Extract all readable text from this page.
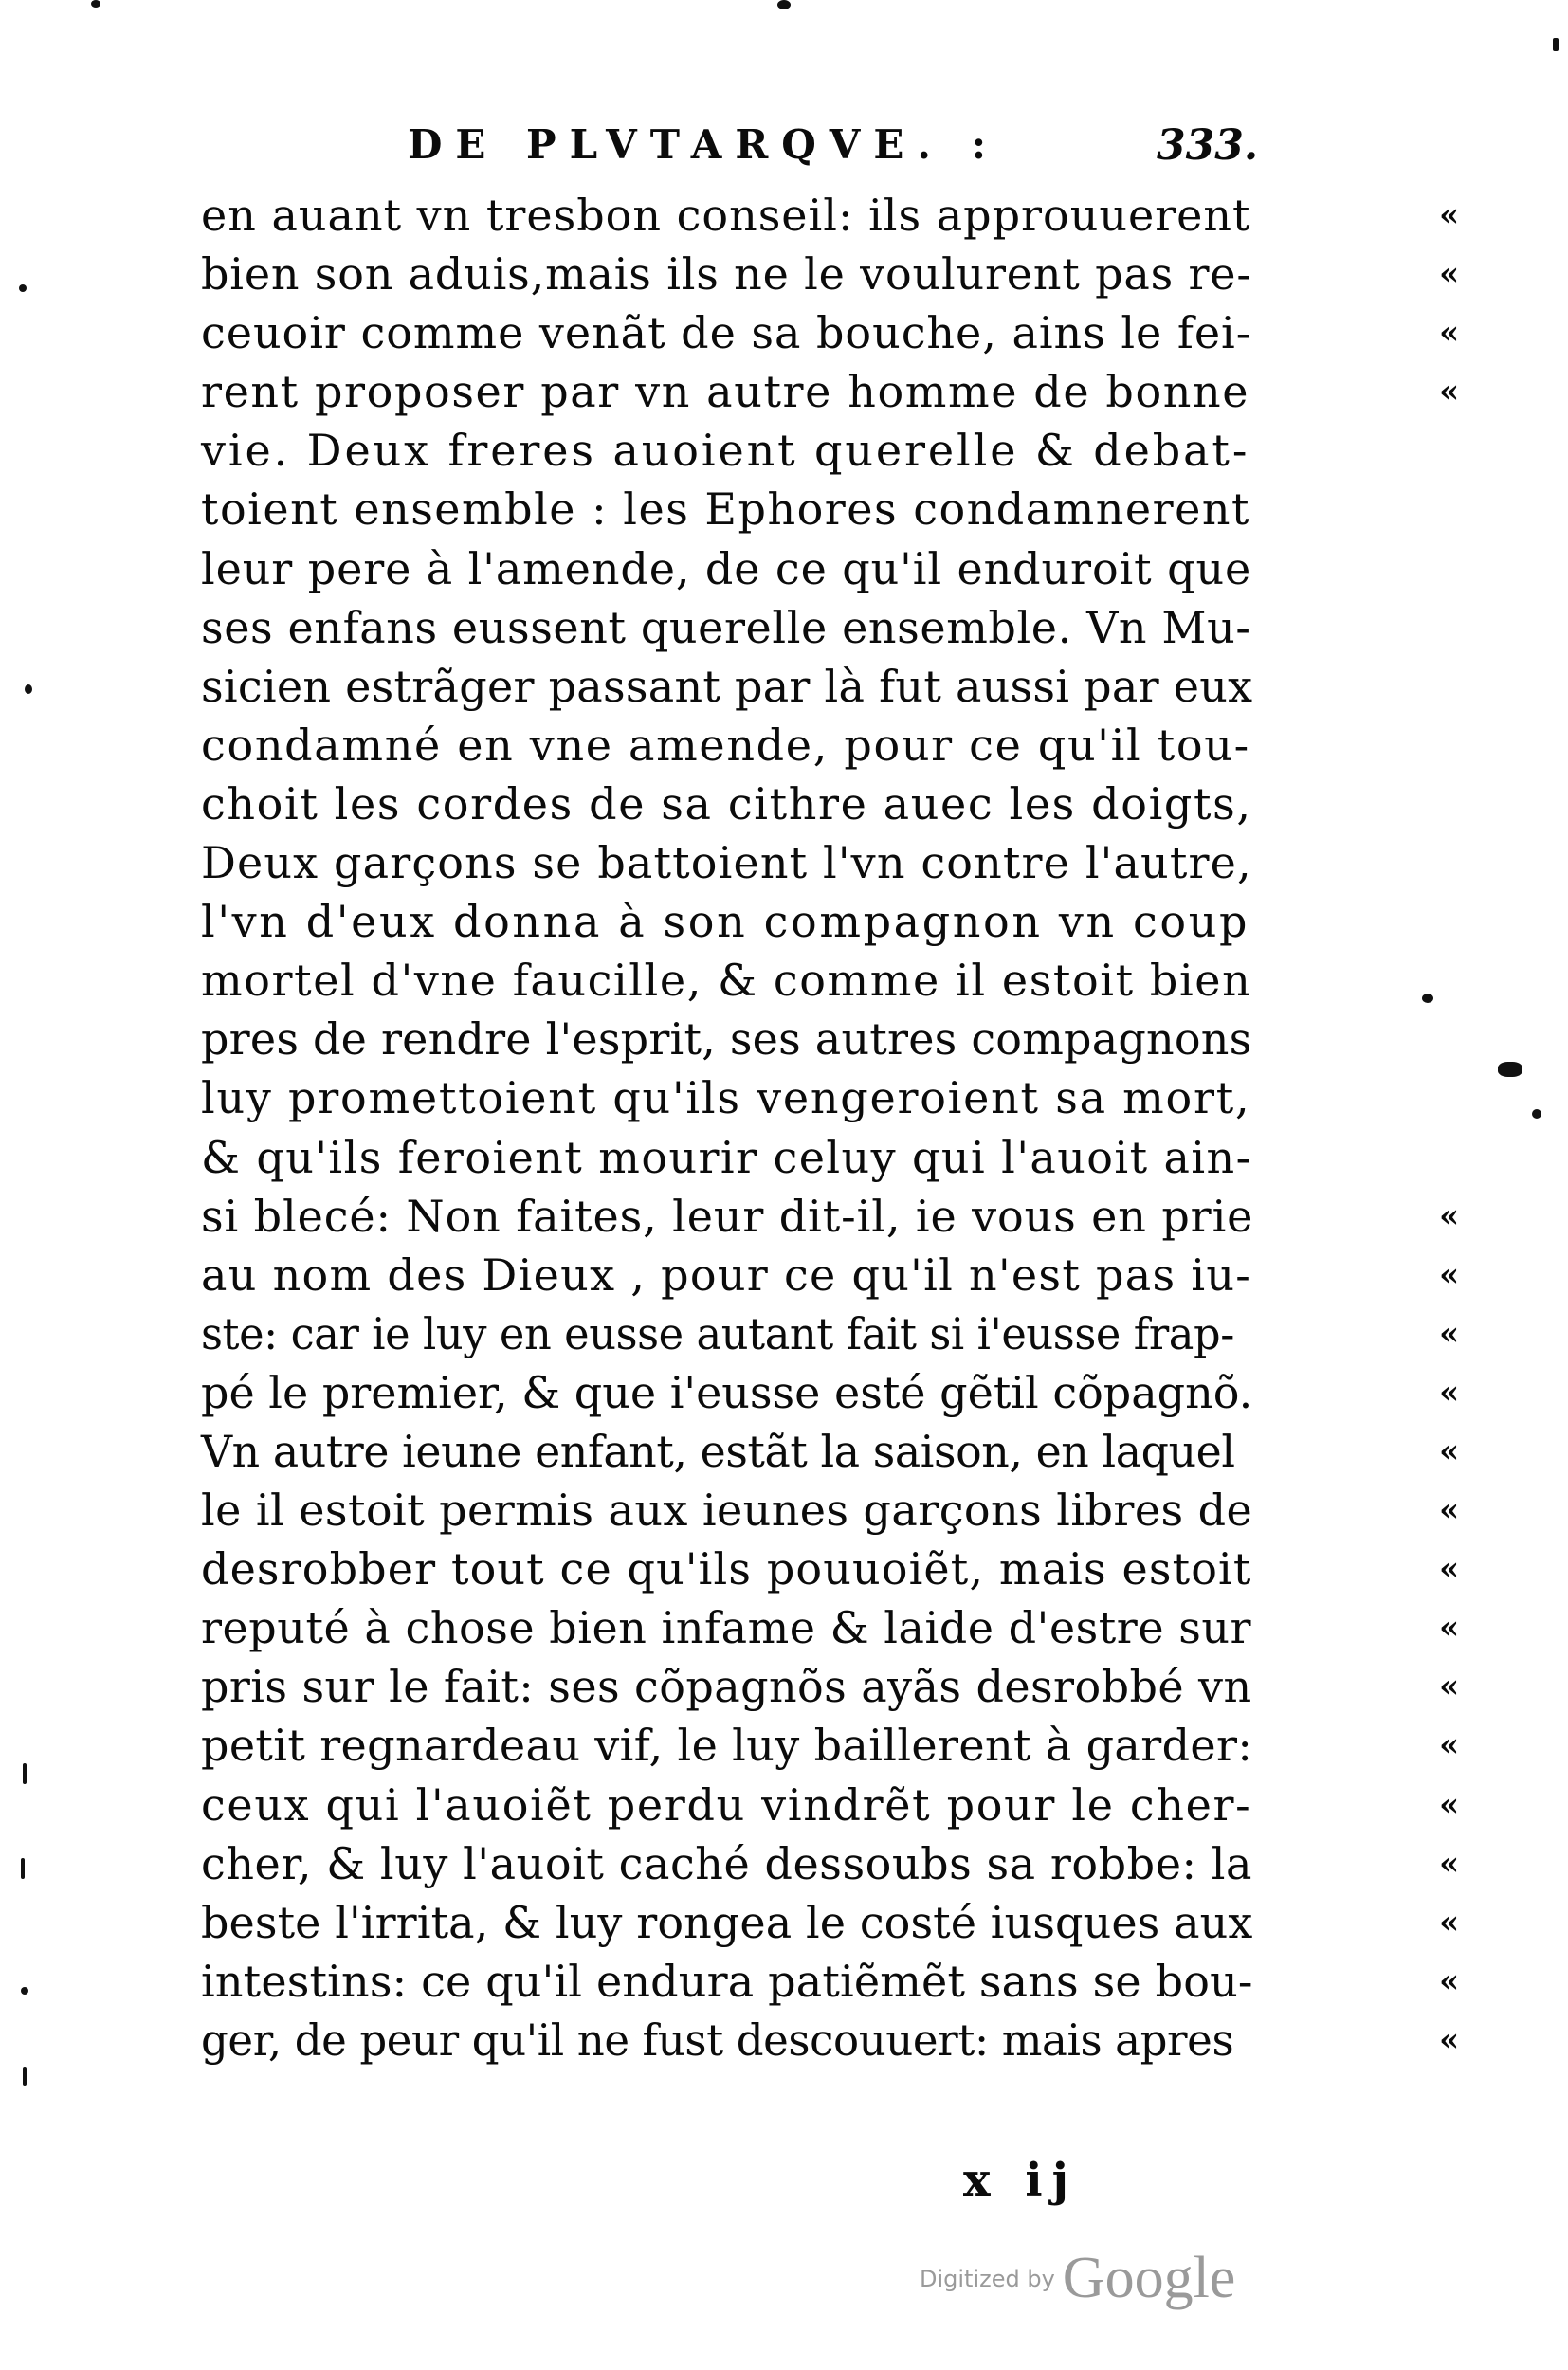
DE PLVTARQVE. :	333.
en auant vn tresbon conseil: ils approuuerent	«
bien son aduis,mais ils ne le voulurent pas re-	«
ceuoir comme venãt de sa bouche, ains le fei-	«
rent proposer par vn autre homme de bonne	«
vie. Deux freres auoient querelle & debat-
toient ensemble : les Ephores condamnerent
leur pere à l'amende, de ce qu'il enduroit que
ses enfans eussent querelle ensemble. Vn Mu-
sicien estrãger passant par là fut aussi par eux
condamné en vne amende, pour ce qu'il tou-
choit les cordes de sa cithre auec les doigts,
Deux garçons se battoient l'vn contre l'autre,
l'vn d'eux donna à son compagnon vn coup
mortel d'vne faucille, & comme il estoit bien
pres de rendre l'esprit, ses autres compagnons
luy promettoient qu'ils vengeroient sa mort,
& qu'ils feroient mourir celuy qui l'auoit ain-
si blecé: Non faites, leur dit-il, ie vous en prie	«
au nom des Dieux , pour ce qu'il n'est pas iu-	«
ste: car ie luy en eusse autant fait si i'eusse frap-	«
pé le premier, & que i'eusse esté gẽtil cõpagnõ.	«
Vn autre ieune enfant, estãt la saison, en laquel	«
le il estoit permis aux ieunes garçons libres de	«
desrobber tout ce qu'ils pouuoiẽt, mais estoit	«
reputé à chose bien infame & laide d'estre sur	«
pris sur le fait: ses cõpagnõs ayãs desrobbé vn	«
petit regnardeau vif, le luy baillerent à garder:	«
ceux qui l'auoiẽt perdu vindrẽt pour le cher-	«
cher, & luy l'auoit caché dessoubs sa robbe: la	«
beste l'irrita, & luy rongea le costé iusques aux	«
intestins: ce qu'il endura patiẽmẽt sans se bou-	«
ger, de peur qu'il ne fust descouuert: mais apres	«
x ij
Digitized by Google
